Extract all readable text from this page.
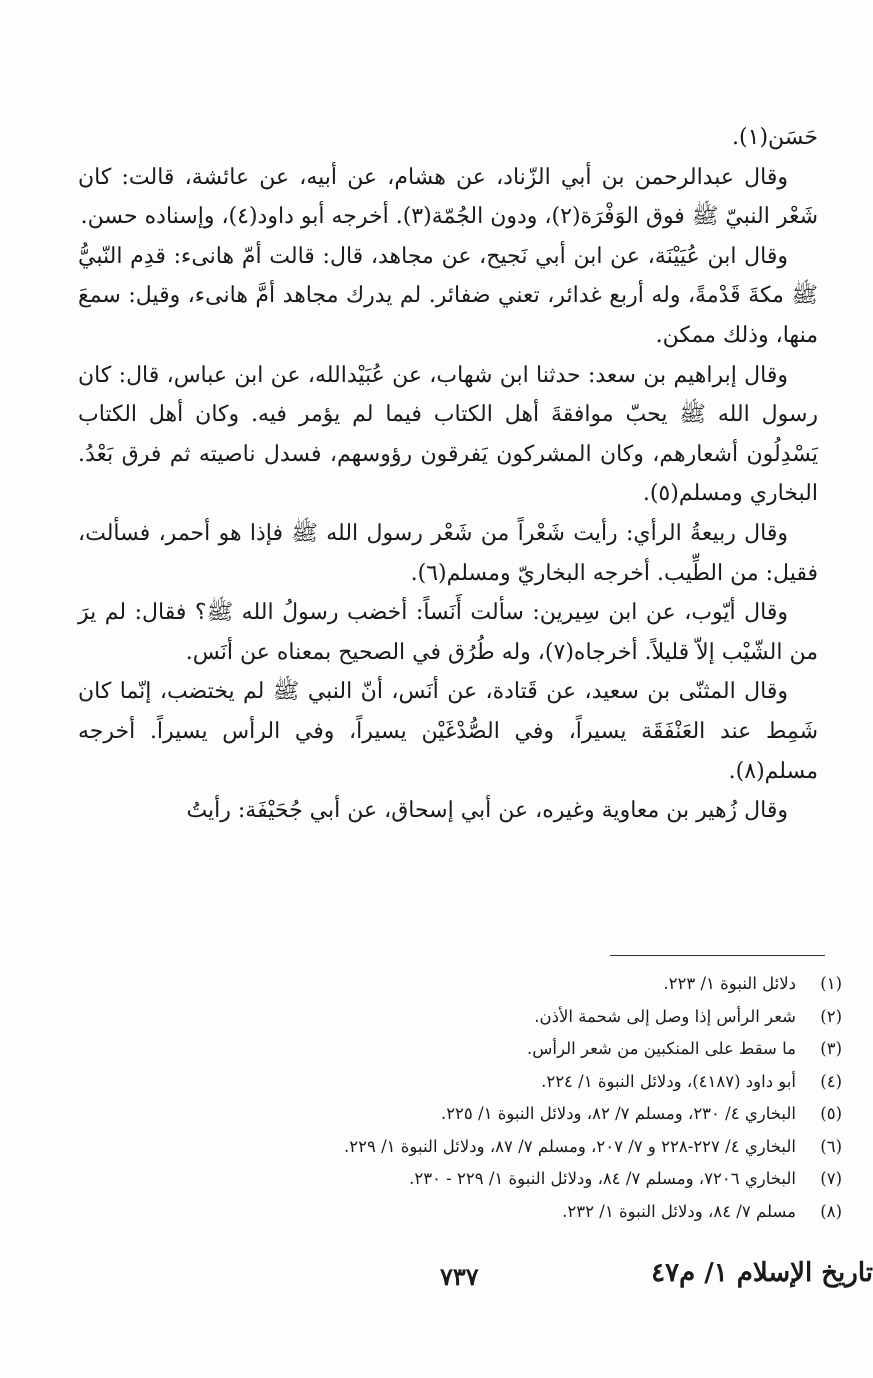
حَسَن(١).

وقال عبدالرحمن بن أبي الزّناد، عن هشام، عن أبيه، عن عائشة، قالت: كان شَعْر النبيّ ﷺ فوق الوَفْرَة(٢)، ودون الجُمّة(٣). أخرجه أبو داود(٤)، وإسناده حسن.

وقال ابن عُيَيْنَة، عن ابن أبي نَجيح، عن مجاهد، قال: قالت أمّ هانىء: قدِم النّبيُّ ﷺ مكةَ قَدْمةً، وله أربع غدائر، تعني ضفائر. لم يدرك مجاهد أمَّ هانىء، وقيل: سمعَ منها، وذلك ممكن.

وقال إبراهيم بن سعد: حدثنا ابن شهاب، عن عُبَيْدالله، عن ابن عباس، قال: كان رسول الله ﷺ يحبّ موافقةَ أهل الكتاب فيما لم يؤمر فيه. وكان أهل الكتاب يَسْدِلُون أشعارهم، وكان المشركون يَفرقون رؤوسهم، فسدل ناصيته ثم فرق بَعْدُ. البخاري ومسلم(٥).

وقال ربيعةُ الرأي: رأيت شَعْراً من شَعْر رسول الله ﷺ فإذا هو أحمر، فسألت، فقيل: من الطِّيب. أخرجه البخاريّ ومسلم(٦).

وقال أيّوب، عن ابن سِيرين: سألت أَنَساً: أخضب رسولُ الله ﷺ؟ فقال: لم يرَ من الشّيْب إلاّ قليلاً. أخرجاه(٧)، وله طُرُق في الصحيح بمعناه عن أنَس.

وقال المثنّى بن سعيد، عن قَتادة، عن أنَس، أنّ النبي ﷺ لم يختضب، إنّما كان شَمِط عند العَنْفَقَة يسيراً، وفي الصُّدْغَيْن يسيراً، وفي الرأس يسيراً. أخرجه مسلم(٨).

وقال زُهير بن معاوية وغيره، عن أبي إسحاق، عن أبي جُحَيْفَة: رأيتُ

(١)
دلائل النبوة ١/ ٢٢٣.
(٢)
شعر الرأس إذا وصل إلى شحمة الأذن.
(٣)
ما سقط على المنكبين من شعر الرأس.
(٤)
أبو داود (٤١٨٧)، ودلائل النبوة ١/ ٢٢٤.
(٥)
البخاري ٤/ ٢٣٠، ومسلم ٧/ ٨٢، ودلائل النبوة ١/ ٢٢٥.
(٦)
البخاري ٤/ ٢٢٧-٢٢٨ و ٧/ ٢٠٧، ومسلم ٧/ ٨٧، ودلائل النبوة ١/ ٢٢٩.
(٧)
البخاري ٧٢٠٦، ومسلم ٧/ ٨٤، ودلائل النبوة ١/ ٢٢٩ - ٢٣٠.
(٨)
مسلم ٧/ ٨٤، ودلائل النبوة ١/ ٢٣٢.
٧٣٧	تاريخ الإسلام ١/ م٤٧
